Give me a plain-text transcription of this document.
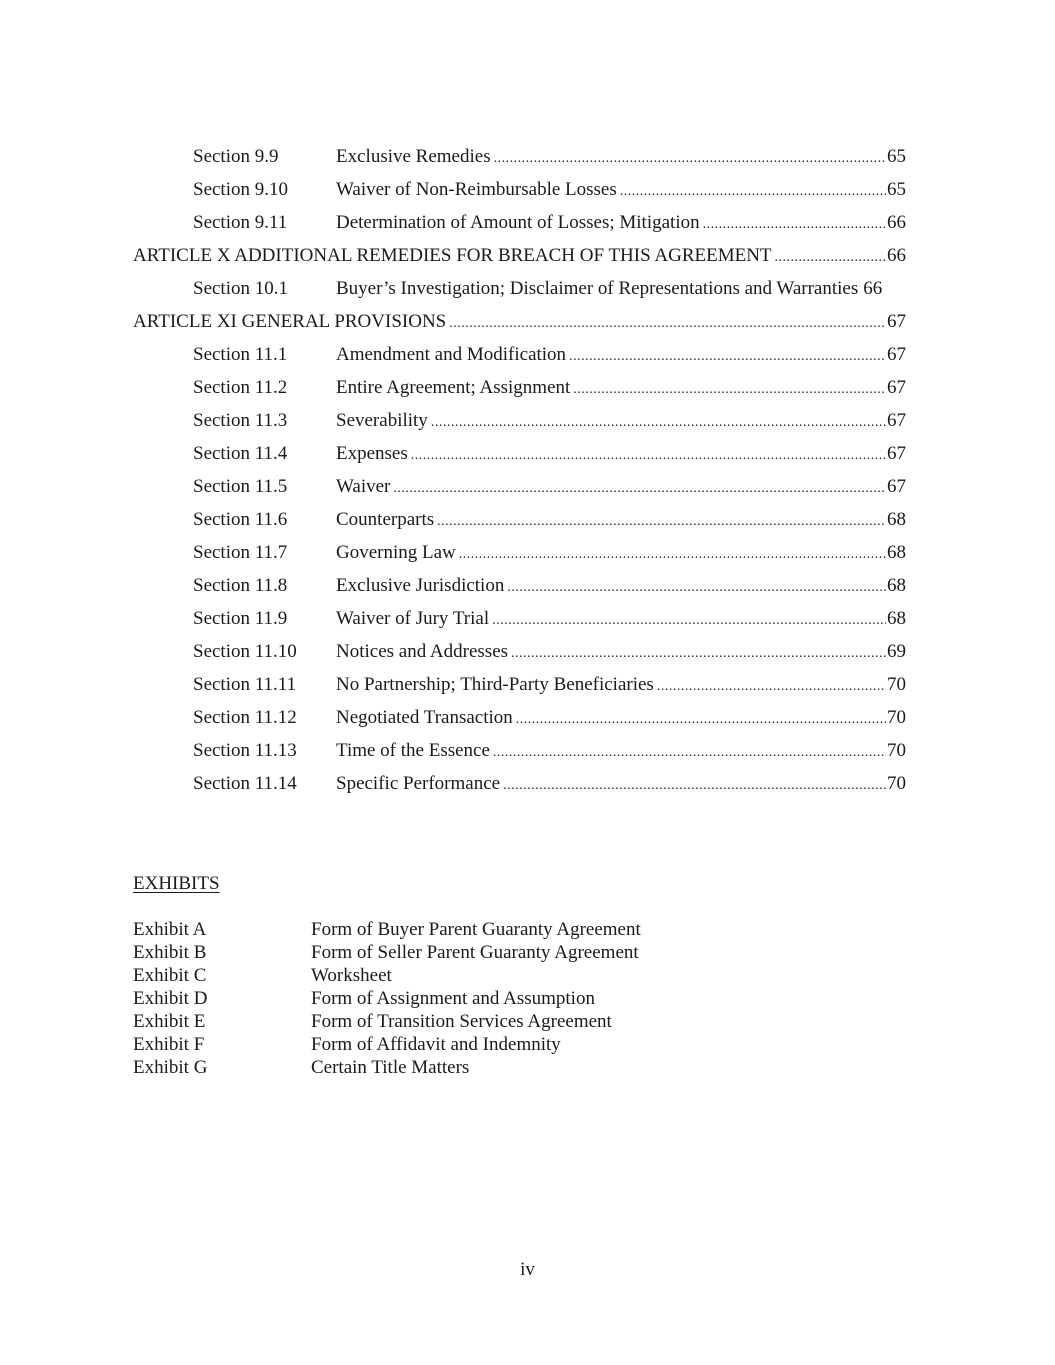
Section 9.9	Exclusive Remedies .....	65
Section 9.10	Waiver of Non-Reimbursable Losses .....	65
Section 9.11	Determination of Amount of Losses; Mitigation .....	66
ARTICLE X ADDITIONAL REMEDIES FOR BREACH OF THIS AGREEMENT .....	66
Section 10.1	Buyer’s Investigation; Disclaimer of Representations and Warranties 66
ARTICLE XI GENERAL PROVISIONS .....	67
Section 11.1	Amendment and Modification .....	67
Section 11.2	Entire Agreement; Assignment .....	67
Section 11.3	Severability .....	67
Section 11.4	Expenses .....	67
Section 11.5	Waiver .....	67
Section 11.6	Counterparts .....	68
Section 11.7	Governing Law .....	68
Section 11.8	Exclusive Jurisdiction .....	68
Section 11.9	Waiver of Jury Trial .....	68
Section 11.10 Notices and Addresses .....	69
Section 11.11 No Partnership; Third-Party Beneficiaries .....	70
Section 11.12 Negotiated Transaction .....	70
Section 11.13 Time of the Essence .....	70
Section 11.14 Specific Performance .....	70
EXHIBITS
Exhibit A	Form of Buyer Parent Guaranty Agreement
Exhibit B	Form of Seller Parent Guaranty Agreement
Exhibit C	Worksheet
Exhibit D	Form of Assignment and Assumption
Exhibit E	Form of Transition Services Agreement
Exhibit F	Form of Affidavit and Indemnity
Exhibit G	Certain Title Matters
iv
